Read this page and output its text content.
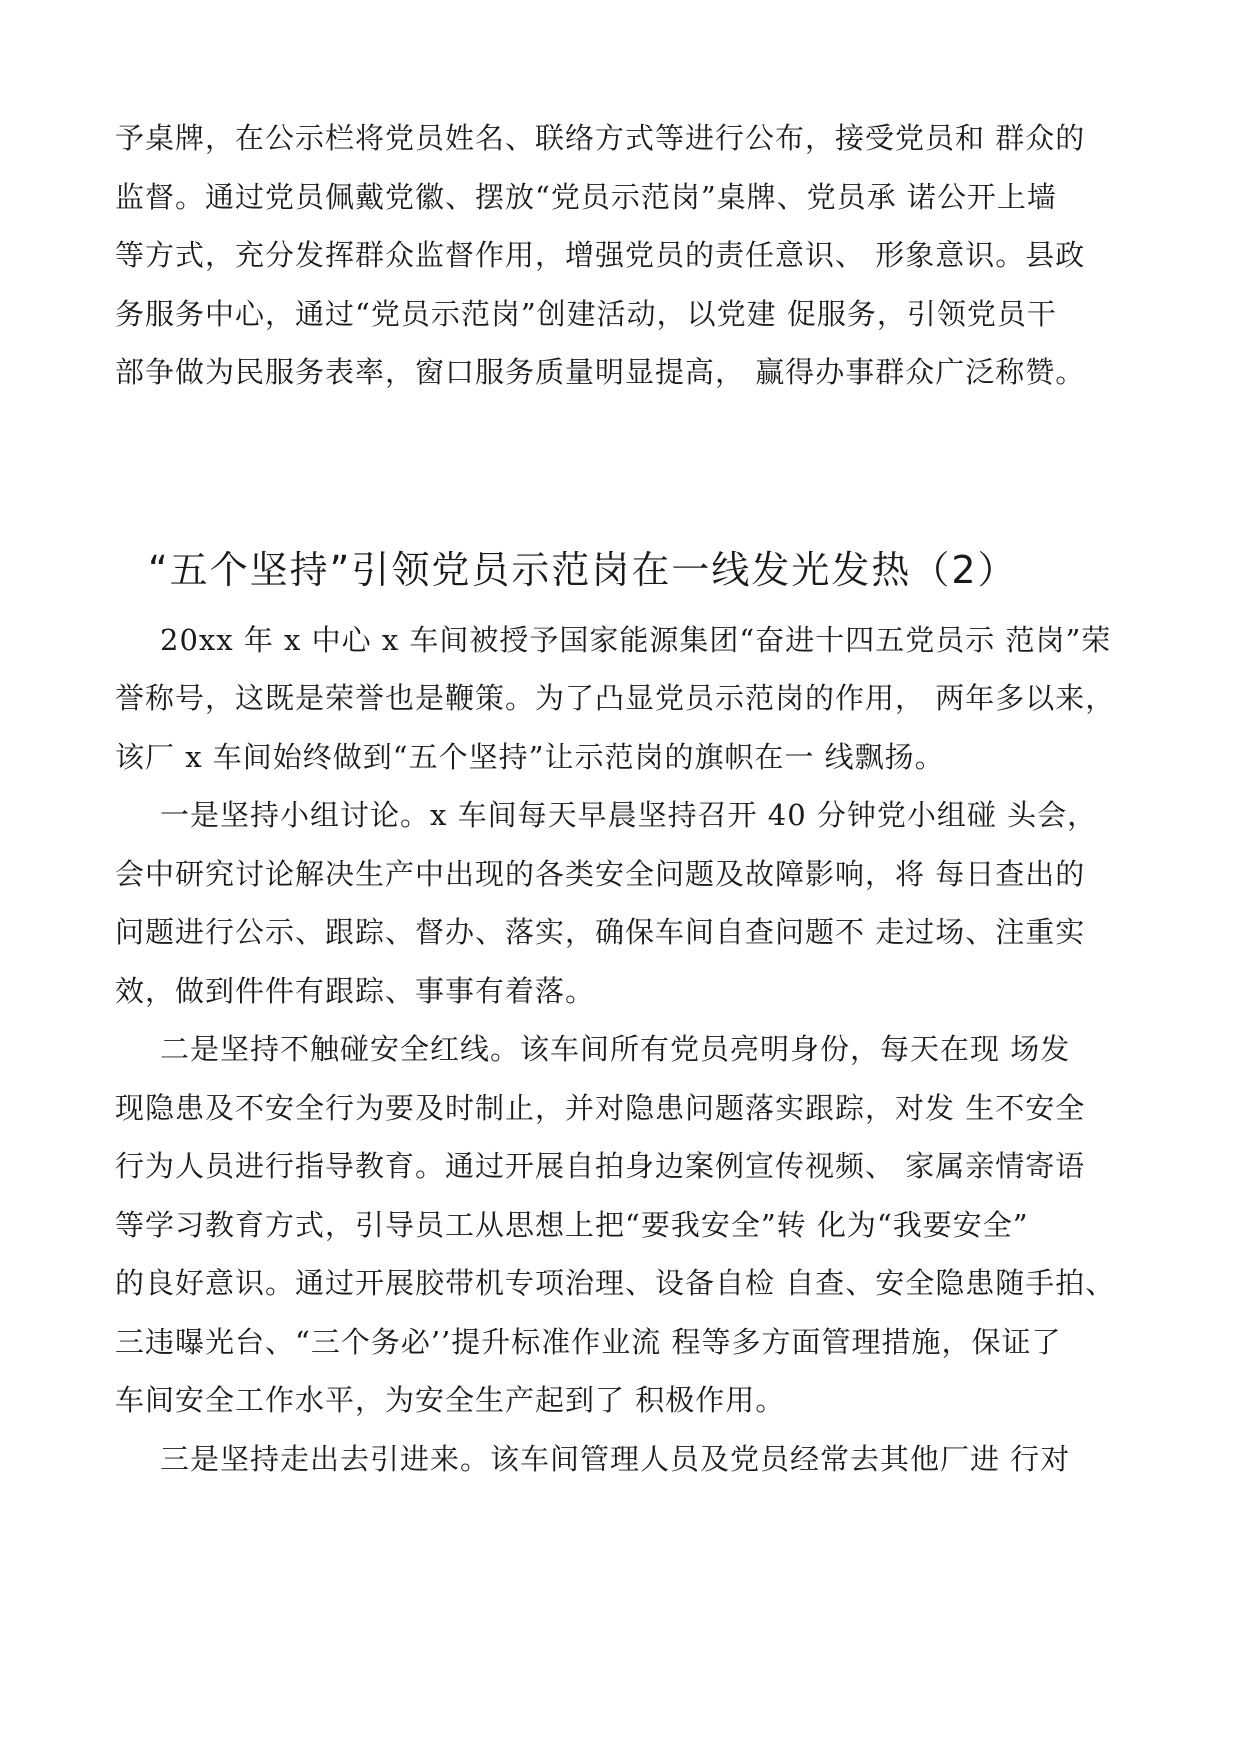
予桌牌，在公示栏将党员姓名、联络方式等进行公布，接受党员和 群众的
监督。通过党员佩戴党徽、摆放“党员示范岗”桌牌、党员承 诺公开上墙
等方式，充分发挥群众监督作用，增强党员的责任意识、 形象意识。县政
务服务中心，通过“党员示范岗”创建活动，以党建 促服务，引领党员干
部争做为民服务表率，窗口服务质量明显提高， 赢得办事群众广泛称赞。
“五个坚持”引领党员示范岗在一线发光发热（2）
20xx 年 x 中心 x 车间被授予国家能源集团“奋进十四五党员示 范岗”荣
誉称号，这既是荣誉也是鞭策。为了凸显党员示范岗的作用， 两年多以来，
该厂 x 车间始终做到“五个坚持”让示范岗的旗帜在一 线飘扬。
一是坚持小组讨论。x 车间每天早晨坚持召开 40 分钟党小组碰 头会，
会中研究讨论解决生产中出现的各类安全问题及故障影响，将 每日查出的
问题进行公示、跟踪、督办、落实，确保车间自查问题不 走过场、注重实
效，做到件件有跟踪、事事有着落。
二是坚持不触碰安全红线。该车间所有党员亮明身份，每天在现 场发
现隐患及不安全行为要及时制止，并对隐患问题落实跟踪，对发 生不安全
行为人员进行指导教育。通过开展自拍身边案例宣传视频、 家属亲情寄语
等学习教育方式，引导员工从思想上把“要我安全”转 化为“我要安全”
的良好意识。通过开展胶带机专项治理、设备自检 自查、安全隐患随手拍、
三违曝光台、“三个务必’’提升标准作业流 程等多方面管理措施，保证了
车间安全工作水平，为安全生产起到了 积极作用。
三是坚持走出去引进来。该车间管理人员及党员经常去其他厂进 行对
